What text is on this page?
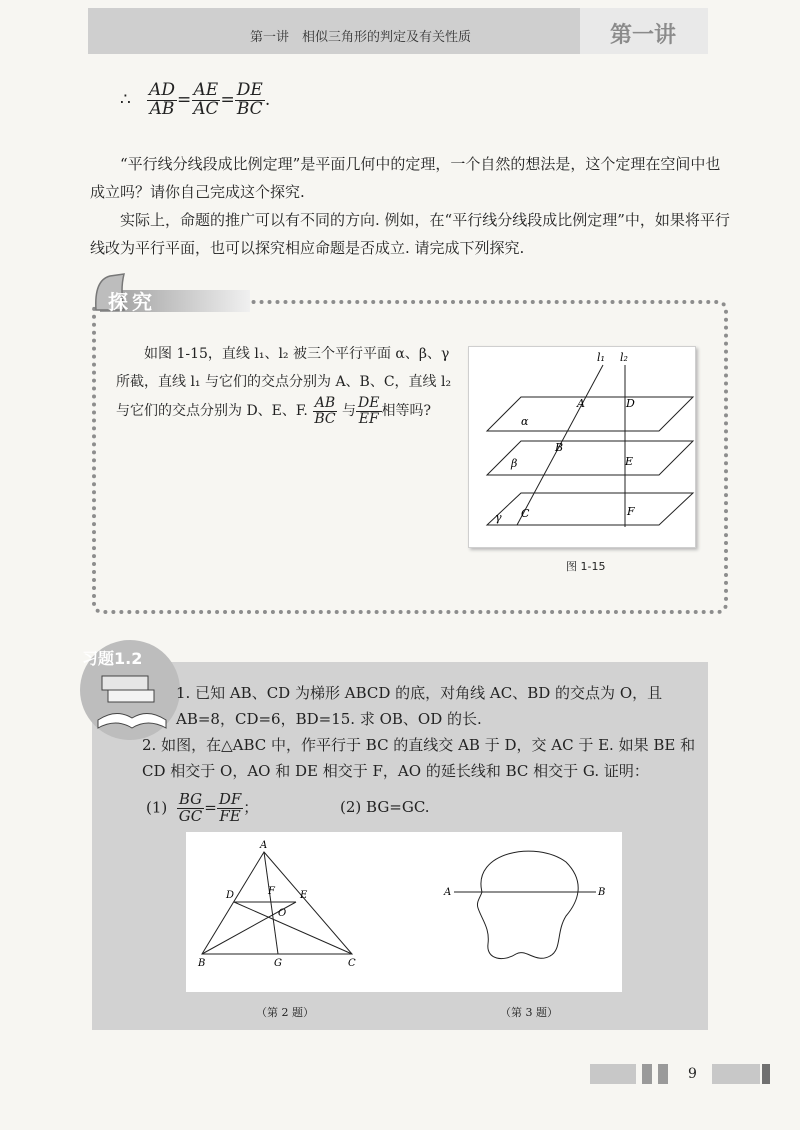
第一讲　相似三角形的判定及有关性质	第一讲
∴ $\frac{AD}{AB} = \frac{AE}{AC} = \frac{DE}{BC}$ .
“平行线分线段成比例定理”是平面几何中的定理，一个自然的想法是，这个定理在空间中也成立吗？请你自己完成这个探究.
实际上，命题的推广可以有不同的方向. 例如，在“平行线分线段成比例定理”中，如果将平行线改为平行平面，也可以探究相应命题是否成立. 请完成下列探究.
探究
如图 1-15，直线 l₁、l₂ 被三个平行平面 α、β、γ 所截，直线 l₁ 与它们的交点分别为 A、B、C，直线 l₂ 与它们的交点分别为 D、E、F. $\frac{AB}{BC}$ 与 $\frac{DE}{EF}$ 相等吗?
l₁ l₂
A	D
α
B
E
β
C	F
γ
图 1-15
习题1.2
1. 已知 AB、CD 为梯形 ABCD 的底，对角线 AC、BD 的交点为 O，且 AB=8，CD=6，BD=15. 求 OB、OD 的长.
2. 如图，在△ABC 中，作平行于 BC 的直线交 AB 于 D，交 AC 于 E. 如果 BE 和 CD 相交于 O，AO 和 DE 相交于 F，AO 的延长线和 BC 相交于 G. 证明：
$(1) \frac{BG}{GC} = \frac{DF}{FE}$ ；	(2) BG=GC.
A
D	F	E
O
B	G	C
A	B
（第 2 题）	（第 3 题）
9
